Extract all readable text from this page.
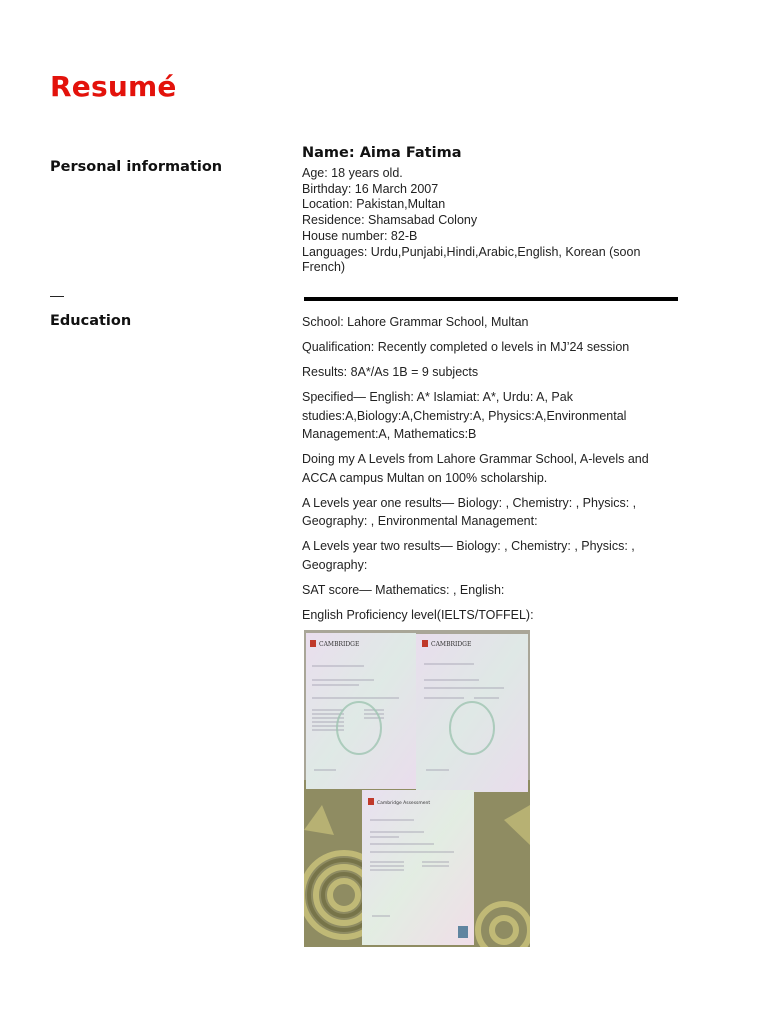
Resumé
Personal information
Name: Aima Fatima
Age: 18 years old.
Birthday: 16 March 2007
Location: Pakistan,Multan
Residence: Shamsabad Colony
House number: 82-B
Languages: Urdu,Punjabi,Hindi,Arabic,English, Korean (soon French)
—
Education	School: Lahore Grammar School, Multan

Qualification: Recently completed o levels in MJ’24 session

Results: 8A*/As 1B = 9 subjects

Specified— English: A* Islamiat: A*, Urdu: A, Pak studies:A,Biology:A,Chemistry:A, Physics:A,Environmental Management:A, Mathematics:B

Doing my A Levels from Lahore Grammar School, A-levels and ACCA campus Multan on 100% scholarship.

A Levels year one results— Biology: , Chemistry: , Physics: , Geography: , Environmental Management:

A Levels year two results— Biology: , Chemistry: , Physics: , Geography:

SAT score— Mathematics: , English:

English Proficiency level(IELTS/TOFFEL):

CAMBRIDGE	CAMBRIDGE
Cambridge Assessment
